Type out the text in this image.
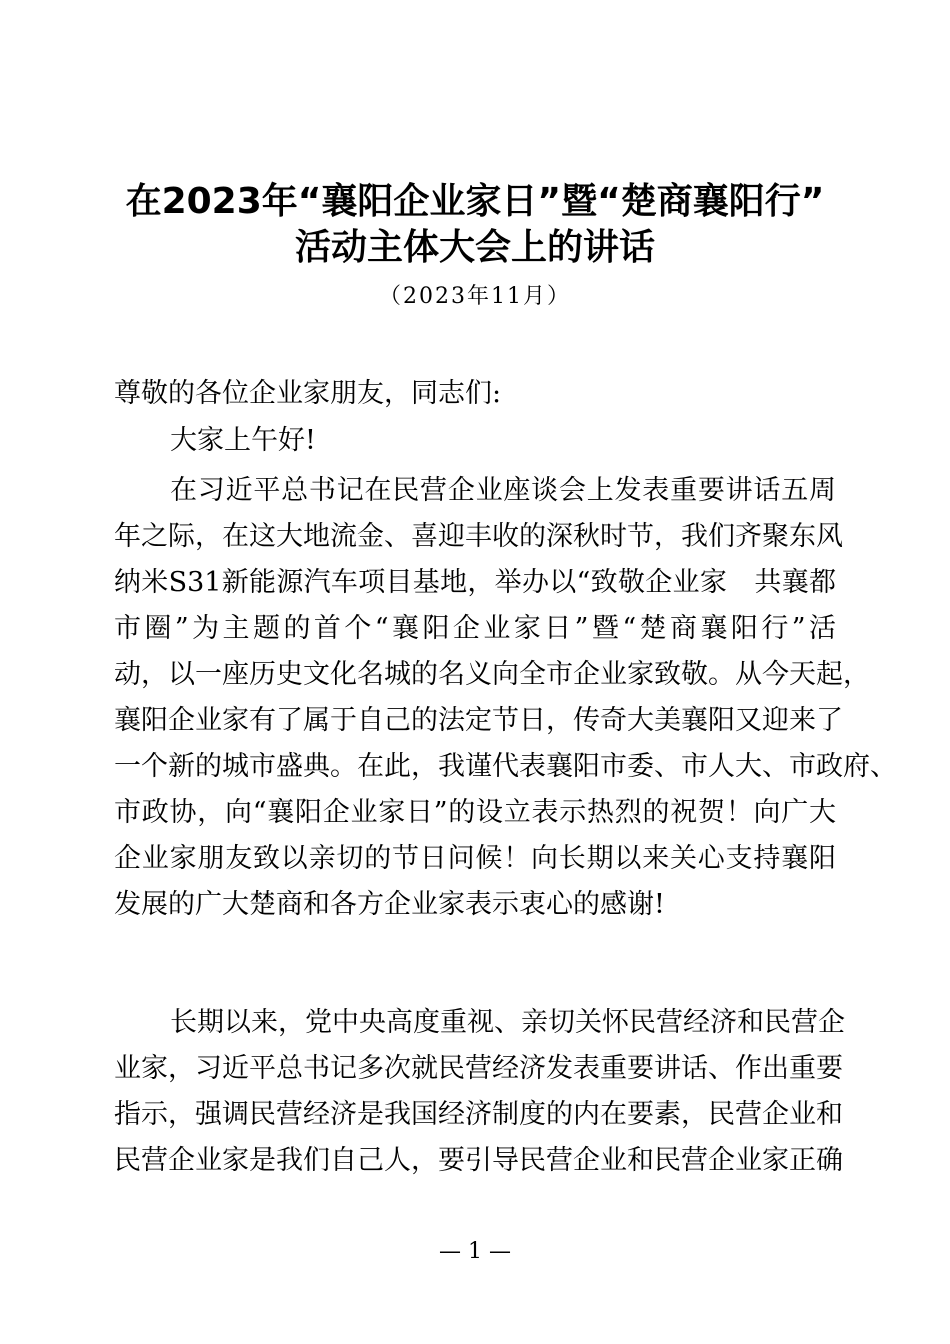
在2023年“襄阳企业家日”暨“楚商襄阳行”
活动主体大会上的讲话
（2023年11月）
尊敬的各位企业家朋友，同志们:
大家上午好!
在习近平总书记在民营企业座谈会上发表重要讲话五周
年之际，在这大地流金、喜迎丰收的深秋时节，我们齐聚东风
纳米S31新能源汽车项目基地，举办以“致敬企业家　共襄都
市圈”为主题的首个“襄阳企业家日”暨“楚商襄阳行”活
动，以一座历史文化名城的名义向全市企业家致敬。从今天起，
襄阳企业家有了属于自己的法定节日，传奇大美襄阳又迎来了
一个新的城市盛典。在此，我谨代表襄阳市委、市人大、市政府、
市政协，向“襄阳企业家日”的设立表示热烈的祝贺！向广大
企业家朋友致以亲切的节日问候！向长期以来关心支持襄阳
发展的广大楚商和各方企业家表示衷心的感谢!
长期以来，党中央高度重视、亲切关怀民营经济和民营企
业家，习近平总书记多次就民营经济发表重要讲话、作出重要
指示，强调民营经济是我国经济制度的内在要素，民营企业和
民营企业家是我们自己人，要引导民营企业和民营企业家正确
— 1 —
